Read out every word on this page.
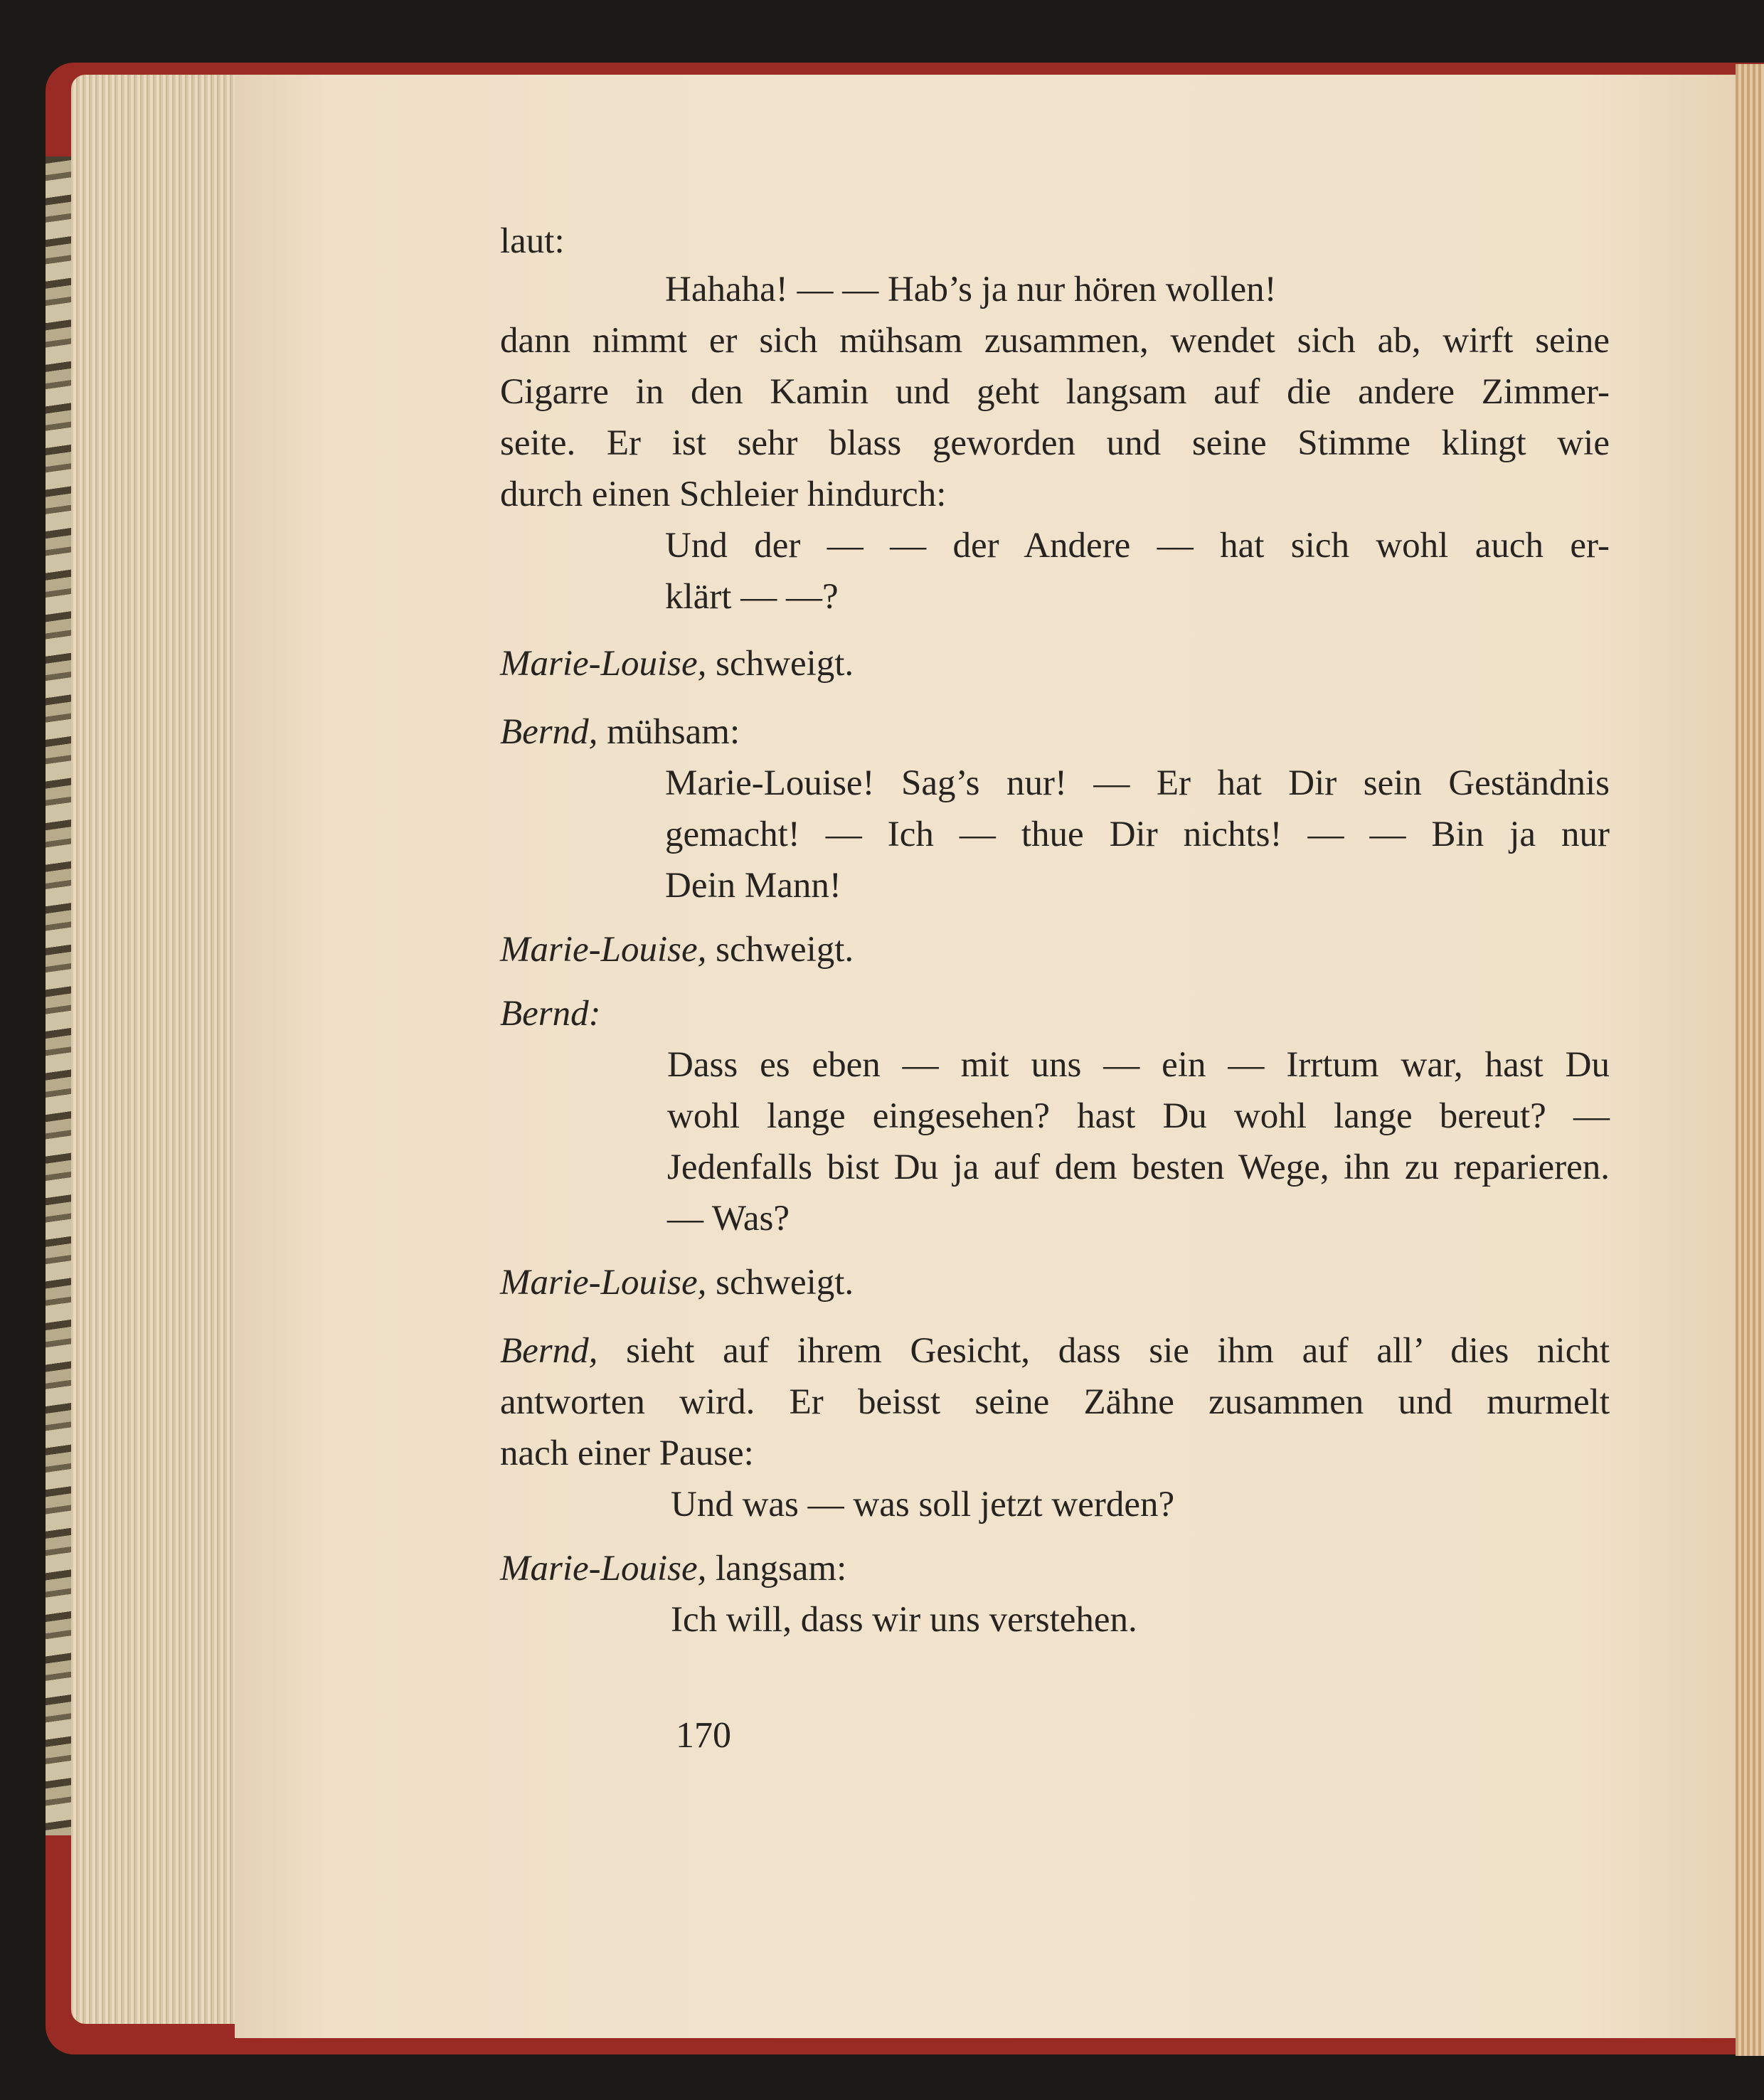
laut:
Hahaha! — — Hab’s ja nur hören wollen!
dann nimmt er sich mühsam zusammen, wendet sich ab, wirft seine
Cigarre in den Kamin und geht langsam auf die andere Zimmer-
seite. Er ist sehr blass geworden und seine Stimme klingt wie
durch einen Schleier hindurch:
Und der — — der Andere — hat sich wohl auch er-
klärt — —?
Marie-Louise, schweigt.
Bernd, mühsam:
Marie-Louise! Sag’s nur! — Er hat Dir sein Geständnis
gemacht! — Ich — thue Dir nichts! — — Bin ja nur
Dein Mann!
Marie-Louise, schweigt.
Bernd:
Dass es eben — mit uns — ein — Irrtum war, hast Du
wohl lange eingesehen? hast Du wohl lange bereut? —
Jedenfalls bist Du ja auf dem besten Wege, ihn zu reparieren.
— Was?
Marie-Louise, schweigt.
Bernd, sieht auf ihrem Gesicht, dass sie ihm auf all’ dies nicht
antworten wird. Er beisst seine Zähne zusammen und murmelt
nach einer Pause:
Und was — was soll jetzt werden?
Marie-Louise, langsam:
Ich will, dass wir uns verstehen.
170
